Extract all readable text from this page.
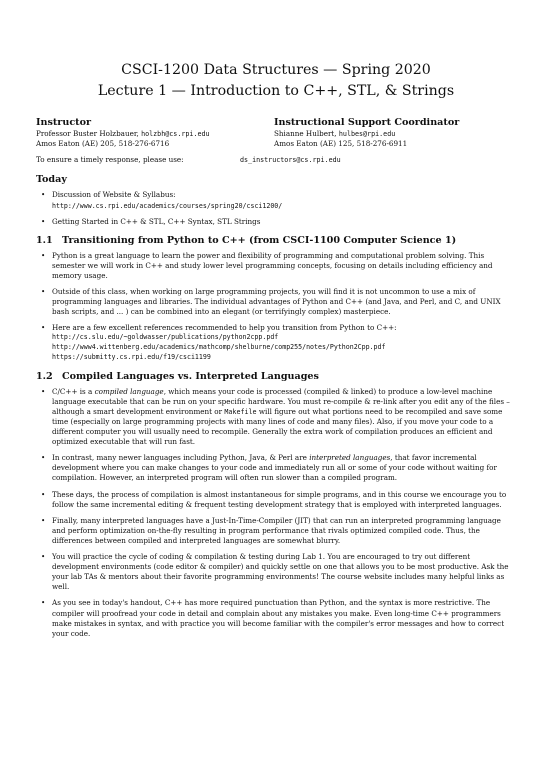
CSCI-1200 Data Structures — Spring 2020
Lecture 1 — Introduction to C++, STL, & Strings
Instructor
Professor Buster Holzbauer, holzbh@cs.rpi.edu
Amos Eaton (AE) 205, 518-276-6716
Instructional Support Coordinator
Shianne Hulbert, hulbes@rpi.edu
Amos Eaton (AE) 125, 518-276-6911
To ensure a timely response, please use:	ds_instructors@cs.rpi.edu
Today
• Discussion of Website & Syllabus:
http://www.cs.rpi.edu/academics/courses/spring20/csci1200/
• Getting Started in C++ & STL, C++ Syntax, STL Strings
1.1 Transitioning from Python to C++ (from CSCI-1100 Computer Science 1)
• Python is a great language to learn the power and flexibility of programming and computational problem solving. This semester we will work in C++ and study lower level programming concepts, focusing on details including efficiency and memory usage.
• Outside of this class, when working on large programming projects, you will find it is not uncommon to use a mix of programming languages and libraries. The individual advantages of Python and C++ (and Java, and Perl, and C, and UNIX bash scripts, and ... ) can be combined into an elegant (or terrifyingly complex) masterpiece.
• Here are a few excellent references recommended to help you transition from Python to C++:
http://cs.slu.edu/~goldwasser/publications/python2cpp.pdf
http://www4.wittenberg.edu/academics/mathcomp/shelburne/comp255/notes/Python2Cpp.pdf
https://submitty.cs.rpi.edu/f19/csci1199
1.2 Compiled Languages vs. Interpreted Languages
• C/C++ is a compiled language, which means your code is processed (compiled & linked) to produce a low-level machine language executable that can be run on your specific hardware. You must re-compile & re-link after you edit any of the files – although a smart development environment or Makefile will figure out what portions need to be recompiled and save some time (especially on large programming projects with many lines of code and many files). Also, if you move your code to a different computer you will usually need to recompile. Generally the extra work of compilation produces an efficient and optimized executable that will run fast.
• In contrast, many newer languages including Python, Java, & Perl are interpreted languages, that favor incremental development where you can make changes to your code and immediately run all or some of your code without waiting for compilation. However, an interpreted program will often run slower than a compiled program.
• These days, the process of compilation is almost instantaneous for simple programs, and in this course we encourage you to follow the same incremental editing & frequent testing development strategy that is employed with interpreted languages.
• Finally, many interpreted languages have a Just-In-Time-Compiler (JIT) that can run an interpreted programming language and perform optimization on-the-fly resulting in program performance that rivals optimized compiled code. Thus, the differences between compiled and interpreted languages are somewhat blurry.
• You will practice the cycle of coding & compilation & testing during Lab 1. You are encouraged to try out different development environments (code editor & compiler) and quickly settle on one that allows you to be most productive. Ask the your lab TAs & mentors about their favorite programming environments! The course website includes many helpful links as well.
• As you see in today's handout, C++ has more required punctuation than Python, and the syntax is more restrictive. The compiler will proofread your code in detail and complain about any mistakes you make. Even long-time C++ programmers make mistakes in syntax, and with practice you will become familiar with the compiler's error messages and how to correct your code.
